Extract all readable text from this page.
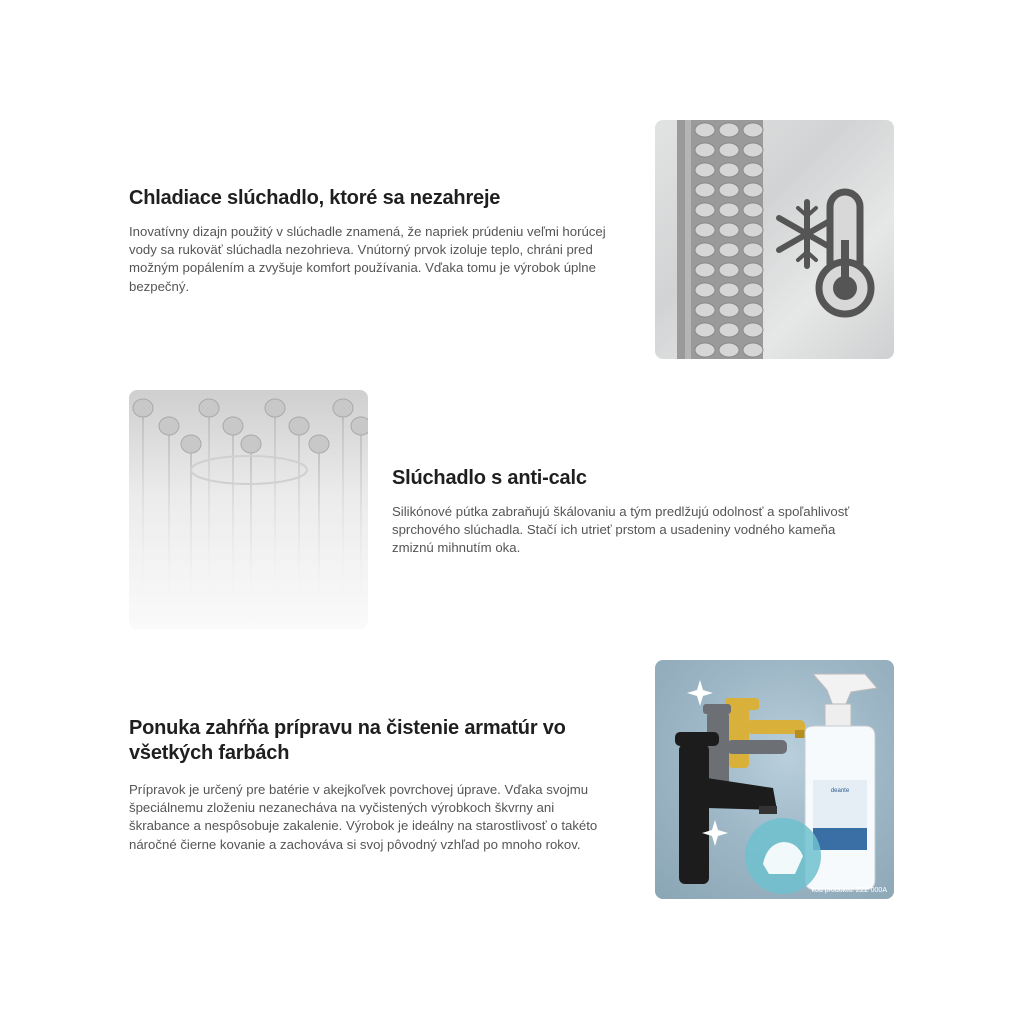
Chladiace slúchadlo, ktoré sa nezahreje

Inovatívny dizajn použitý v slúchadle znamená, že napriek prúdeniu veľmi horúcej
vody sa rukoväť slúchadla nezohrieva. Vnútorný prvok izoluje teplo, chráni pred
možným popálením a zvyšuje komfort používania. Vďaka tomu je výrobok úplne
bezpečný.

Slúchadlo s anti-calc

Silikónové pútka zabraňujú škálovaniu a tým predlžujú odolnosť a spoľahlivosť
sprchového slúchadla. Stačí ich utrieť prstom a usadeniny vodného kameňa
zmiznú mihnutím oka.

Ponuka zahŕňa prípravu na čistenie armatúr vo
všetkých farbách

Prípravok je určený pre batérie v akejkoľvek povrchovej úprave. Vďaka svojmu
špeciálnemu zloženiu nezanecháva na vyčistených výrobkoch škvrny ani
škrabance a nespôsobuje zakalenie. Výrobok je ideálny na starostlivosť o takéto
náročné čierne kovanie a zachováva si svoj pôvodný vzhľad po mnoho rokov.

deante
kod produktu: ZZZ 000A
